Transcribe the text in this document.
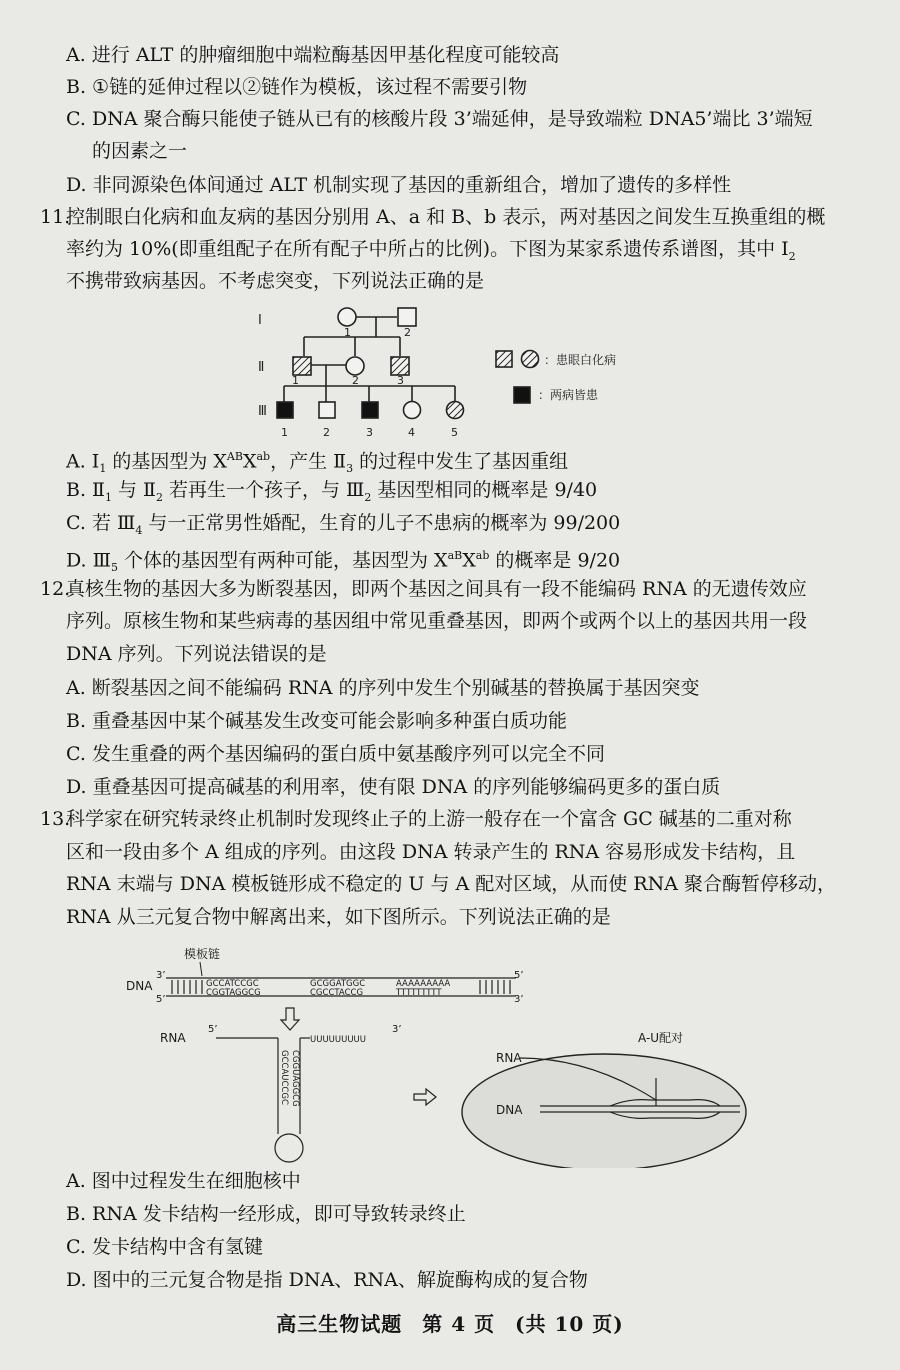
A. 进行 ALT 的肿瘤细胞中端粒酶基因甲基化程度可能较高
B. ①链的延伸过程以②链作为模板，该过程不需要引物
C. DNA 聚合酶只能使子链从已有的核酸片段 3’端延伸，是导致端粒 DNA5’端比 3’端短
的因素之一
D. 非同源染色体间通过 ALT 机制实现了基因的重新组合，增加了遗传的多样性
11.控制眼白化病和血友病的基因分别用 A、a 和 B、b 表示，两对基因之间发生互换重组的概
率约为 10%(即重组配子在所有配子中所占的比例)。下图为某家系遗传系谱图，其中 $Ⅰ_2$
不携带致病基因。不考虑突变，下列说法正确的是
Ⅰ
Ⅱ
Ⅲ
1	2
1	2	3
1	2	3	4	5
：患眼白化病
：两病皆患
A. $Ⅰ_1$ 的基因型为 $X^{AB}X^{ab}$，产生 $Ⅱ_3$ 的过程中发生了基因重组
B. $Ⅱ_1$ 与 $Ⅱ_2$ 若再生一个孩子，与 $Ⅲ_2$ 基因型相同的概率是 9/40
C. 若 $Ⅲ_4$ 与一正常男性婚配，生育的儿子不患病的概率为 99/200
D. $Ⅲ_5$ 个体的基因型有两种可能，基因型为 $X^{aB}X^{ab}$ 的概率是 9/20
12.真核生物的基因大多为断裂基因，即两个基因之间具有一段不能编码 RNA 的无遗传效应
序列。原核生物和某些病毒的基因组中常见重叠基因，即两个或两个以上的基因共用一段
DNA 序列。下列说法错误的是
A. 断裂基因之间不能编码 RNA 的序列中发生个别碱基的替换属于基因突变
B. 重叠基因中某个碱基发生改变可能会影响多种蛋白质功能
C. 发生重叠的两个基因编码的蛋白质中氨基酸序列可以完全不同
D. 重叠基因可提高碱基的利用率，使有限 DNA 的序列能够编码更多的蛋白质
13.科学家在研究转录终止机制时发现终止子的上游一般存在一个富含 GC 碱基的二重对称
区和一段由多个 A 组成的序列。由这段 DNA 转录产生的 RNA 容易形成发卡结构，且
RNA 末端与 DNA 模板链形成不稳定的 U 与 A 配对区域，从而使 RNA 聚合酶暂停移动，
RNA 从三元复合物中解离出来，如下图所示。下列说法正确的是
模板链
DNA
3’
5’
5’
3’
GCCATCCGC	GCGGATGGC	AAAAAAAAA
CGGTAGGCG	CGCCTACCG	TTTTTTTTT
RNA
5’	3’
UUUUUUUUU
GCCAUCCGC CGGUAGGCG
A-U配对
RNA
DNA
A. 图中过程发生在细胞核中
B. RNA 发卡结构一经形成，即可导致转录终止
C. 发卡结构中含有氢键
D. 图中的三元复合物是指 DNA、RNA、解旋酶构成的复合物
高三生物试题 第 4 页 (共 10 页)
